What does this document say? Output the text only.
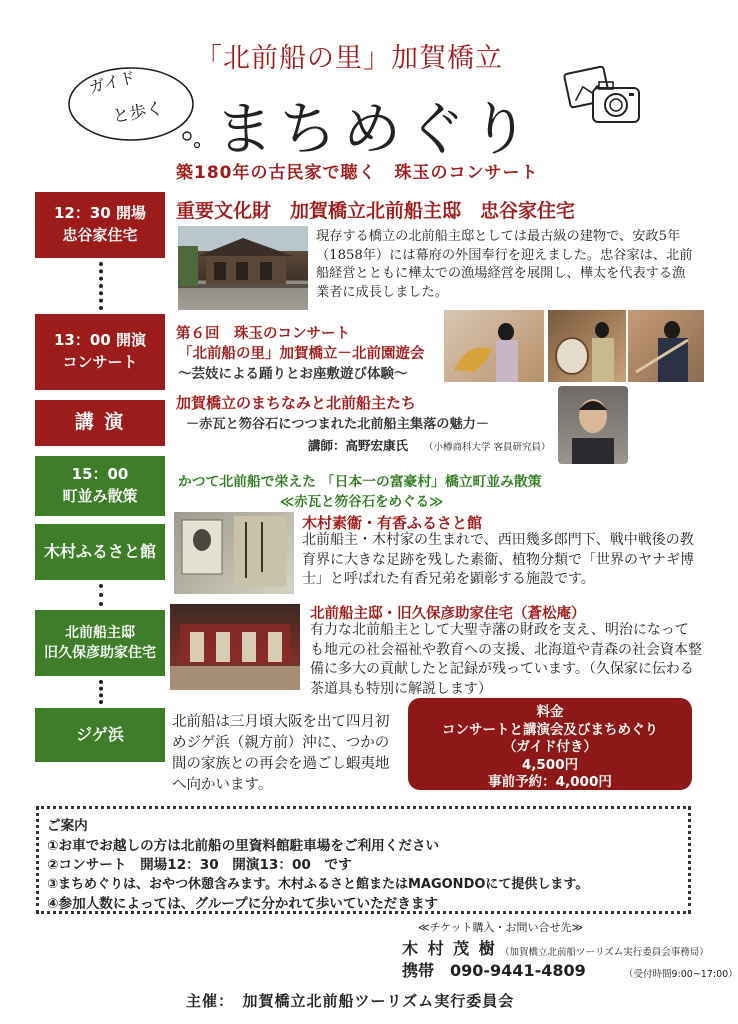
「北前船の里」加賀橋立
ガイド
と歩く まちめぐり
築180年の古民家で聴く　珠玉のコンサート
12：30 開場
忠谷家住宅
13：00 開演
コンサート
講 演
15：00
町並み散策
木村ふるさと館
北前船主邸
旧久保彦助家住宅
ジゲ浜
重要文化財　加賀橋立北前船主邸　忠谷家住宅
現存する橋立の北前船主邸としては最古級の建物で、安政5年（1858年）には幕府の外国奉行を迎えました。忠谷家は、北前船経営とともに樺太での漁場経営を展開し、樺太を代表する漁業者に成長しました。
第６回　珠玉のコンサート
「北前船の里」加賀橋立－北前園遊会
～芸妓による踊りとお座敷遊び体験～
加賀橋立のまちなみと北前船主たち
－赤瓦と笏谷石につつまれた北前船主集落の魅力－
講師：高野宏康氏 （小樽商科大学 客員研究員）
かつて北前船で栄えた 「日本一の富豪村」橋立町並み散策
≪赤瓦と笏谷石をめぐる≫
木村素衞・有香ふるさと館
北前船主・木村家の生まれで、西田幾多郎門下、戦中戦後の教育界に大きな足跡を残した素衞、植物分類で「世界のヤナギ博士」と呼ばれた有香兄弟を顕彰する施設です。
北前船主邸・旧久保彦助家住宅（蒼松庵）
有力な北前船主として大聖寺藩の財政を支え、明治になっても地元の社会福祉や教育への支援、北海道や青森の社会資本整備に多大の貢献したと記録が残っています。（久保家に伝わる茶道具も特別に解説します）
北前船は三月頃大阪を出て四月初めジゲ浜（親方前）沖に、つかの間の家族との再会を過ごし蝦夷地へ向かいます。
料金
コンサートと講演会及びまちめぐり
（ガイド付き）
4,500円
事前予約：4,000円
ご案内
①お車でお越しの方は北前船の里資料館駐車場をご利用ください
②コンサート　開場12：30　開演13：00　です
③まちめぐりは、おやつ休憩含みます。木村ふるさと館またはMAGONDOにて提供します。
④参加人数によっては、グループに分かれて歩いていただきます
≪チケット購入・お問い合せ先≫
木 村 茂 樹 （加賀橋立北前船ツーリズム実行委員会事務局）
携帯　090-9441-4809	（受付時間9:00~17:00）
主催：　加賀橋立北前船ツーリズム実行委員会
